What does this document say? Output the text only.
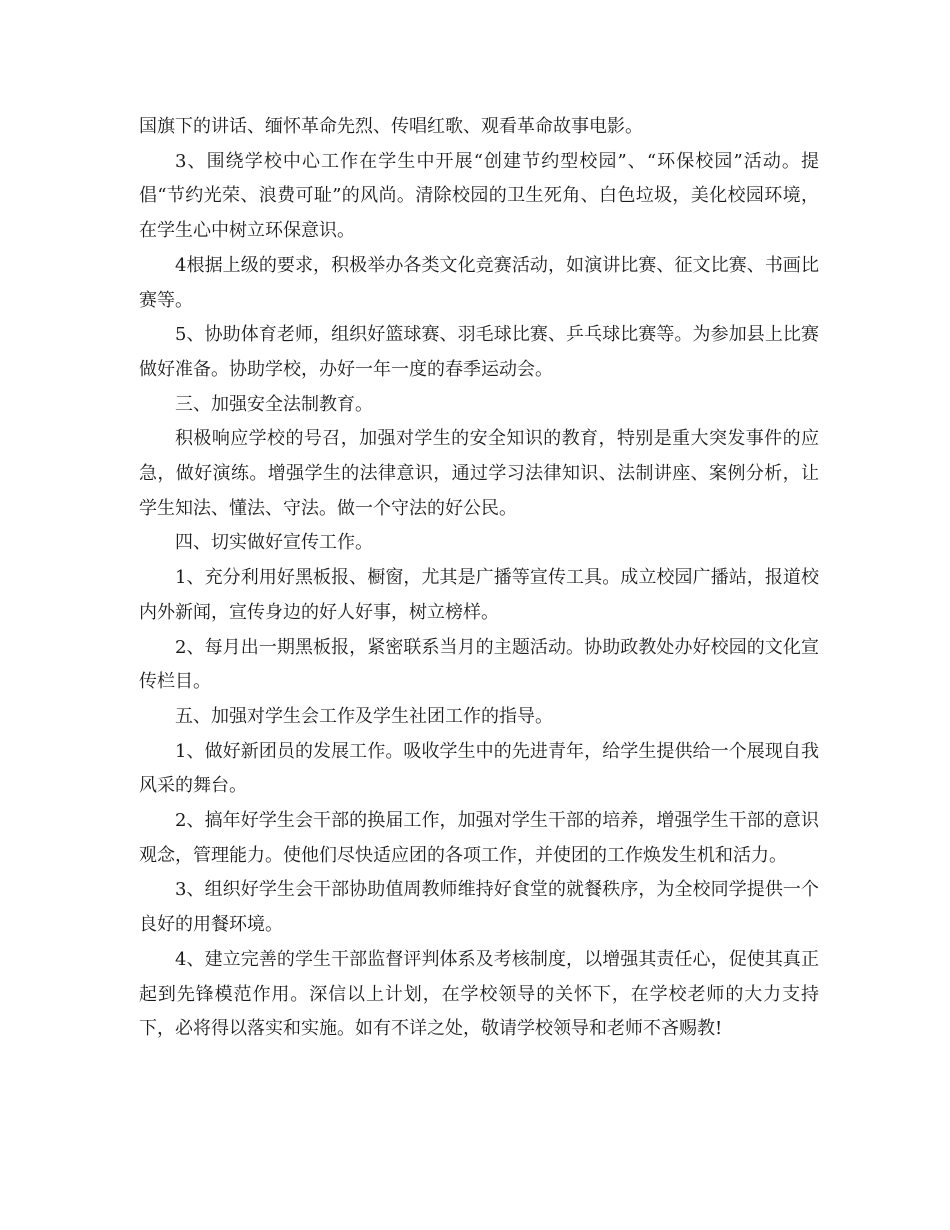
国旗下的讲话、缅怀革命先烈、传唱红歌、观看革命故事电影。

3、围绕学校中心工作在学生中开展“创建节约型校园”、“环保校园”活动。提倡“节约光荣、浪费可耻”的风尚。清除校园的卫生死角、白色垃圾，美化校园环境，在学生心中树立环保意识。

4根据上级的要求，积极举办各类文化竞赛活动，如演讲比赛、征文比赛、书画比赛等。

5、协助体育老师，组织好篮球赛、羽毛球比赛、乒乓球比赛等。为参加县上比赛做好准备。协助学校，办好一年一度的春季运动会。

三、加强安全法制教育。

积极响应学校的号召，加强对学生的安全知识的教育，特别是重大突发事件的应急，做好演练。增强学生的法律意识，通过学习法律知识、法制讲座、案例分析，让学生知法、懂法、守法。做一个守法的好公民。

四、切实做好宣传工作。

1、充分利用好黑板报、橱窗，尤其是广播等宣传工具。成立校园广播站，报道校内外新闻，宣传身边的好人好事，树立榜样。

2、每月出一期黑板报，紧密联系当月的主题活动。协助政教处办好校园的文化宣传栏目。

五、加强对学生会工作及学生社团工作的指导。

1、做好新团员的发展工作。吸收学生中的先进青年，给学生提供给一个展现自我风采的舞台。

2、搞年好学生会干部的换届工作，加强对学生干部的培养，增强学生干部的意识观念，管理能力。使他们尽快适应团的各项工作，并使团的工作焕发生机和活力。

3、组织好学生会干部协助值周教师维持好食堂的就餐秩序，为全校同学提供一个良好的用餐环境。

4、建立完善的学生干部监督评判体系及考核制度，以增强其责任心，促使其真正起到先锋模范作用。深信以上计划，在学校领导的关怀下，在学校老师的大力支持下，必将得以落实和实施。如有不详之处，敬请学校领导和老师不吝赐教!
